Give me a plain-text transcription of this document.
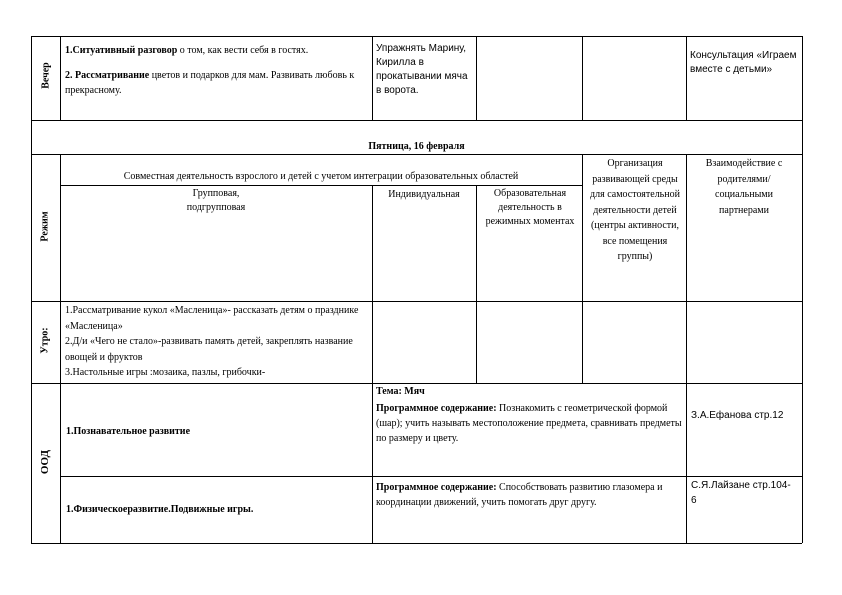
Вечер
1.Ситуативный разговор о том, как вести себя в гостях.
2. Рассматривание цветов и подарков для мам. Развивать любовь к прекрасному.
Упражнять Марину, Кирилла в прокатывании мяча в ворота.
Консультация «Играем вместе с детьми»
Пятница, 16 февраля
Режим
Совместная деятельность взрослого и детей с учетом интеграции образовательных областей
Групповая,
подгрупповая
Индивидуальная	Образовательная деятельность в режимных моментах
Организация развивающей среды для самостоятельной деятельности детей (центры активности, все помещения группы)
Взаимодействие с родителями/ социальными партнерами
Утро:
1.Рассматривание кукол «Масленица»- рассказать детям о празднике «Масленица»
2.Д/и «Чего не стало»-развивать память детей, закреплять название овощей и фруктов
3.Настольные игры :мозаика, пазлы, грибочки-
ООД
1.Познавательное развитие
Тема: Мяч
Программное содержание: Познакомить с геометрической формой (шар); учить называть местоположение предмета, сравнивать предметы по размеру и цвету.
З.А.Ефанова стр.12
1.Физическоеразвитие.Подвижные игры.
Программное содержание: Способствовать развитию глазомера и координации движений, учить помогать друг другу.
С.Я.Лайзане стр.104-6
